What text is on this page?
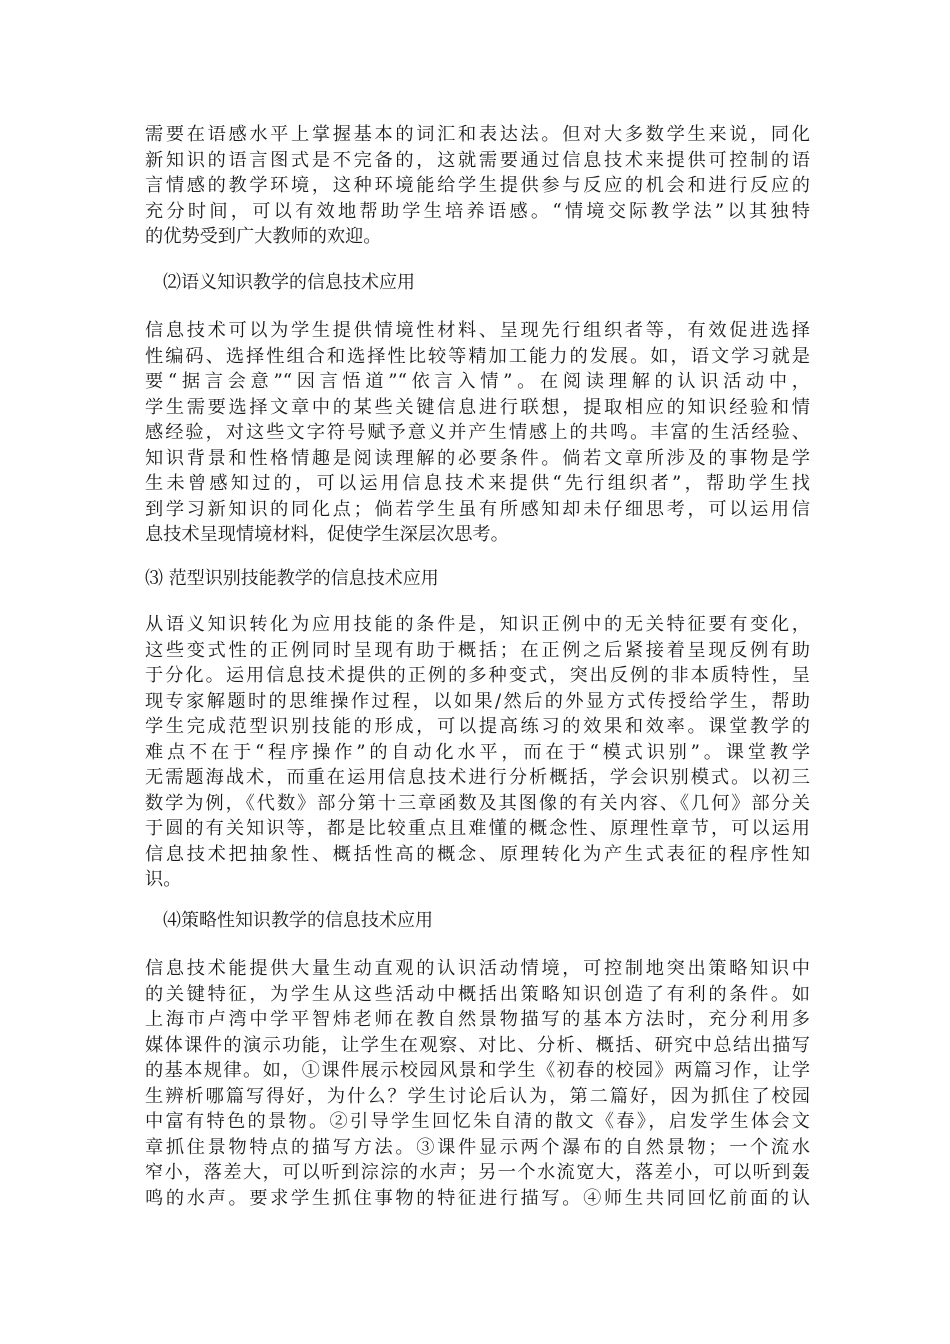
需要在语感水平上掌握基本的词汇和表达法。但对大多数学生来说，同化
新知识的语言图式是不完备的，这就需要通过信息技术来提供可控制的语
言情感的教学环境，这种环境能给学生提供参与反应的机会和进行反应的
充分时间，可以有效地帮助学生培养语感。“情境交际教学法”以其独特
的优势受到广大教师的欢迎。
⑵语义知识教学的信息技术应用
信息技术可以为学生提供情境性材料、呈现先行组织者等，有效促进选择
性编码、选择性组合和选择性比较等精加工能力的发展。如，语文学习就是
要“据言会意”“因言悟道”“依言入情”。在阅读理解的认识活动中，
学生需要选择文章中的某些关键信息进行联想，提取相应的知识经验和情
感经验，对这些文字符号赋予意义并产生情感上的共鸣。丰富的生活经验、
知识背景和性格情趣是阅读理解的必要条件。倘若文章所涉及的事物是学
生未曾感知过的，可以运用信息技术来提供“先行组织者”，帮助学生找
到学习新知识的同化点；倘若学生虽有所感知却未仔细思考，可以运用信
息技术呈现情境材料，促使学生深层次思考。
⑶ 范型识别技能教学的信息技术应用
从语义知识转化为应用技能的条件是，知识正例中的无关特征要有变化，
这些变式性的正例同时呈现有助于概括；在正例之后紧接着呈现反例有助
于分化。运用信息技术提供的正例的多种变式，突出反例的非本质特性，呈
现专家解题时的思维操作过程，以如果/然后的外显方式传授给学生，帮助
学生完成范型识别技能的形成，可以提高练习的效果和效率。课堂教学的
难点不在于“程序操作”的自动化水平，而在于“模式识别”。课堂教学
无需题海战术，而重在运用信息技术进行分析概括，学会识别模式。以初三
数学为例，《代数》部分第十三章函数及其图像的有关内容、《几何》部分关
于圆的有关知识等，都是比较重点且难懂的概念性、原理性章节，可以运用
信息技术把抽象性、概括性高的概念、原理转化为产生式表征的程序性知
识。
⑷策略性知识教学的信息技术应用
信息技术能提供大量生动直观的认识活动情境，可控制地突出策略知识中
的关键特征，为学生从这些活动中概括出策略知识创造了有利的条件。如
上海市卢湾中学平智炜老师在教自然景物描写的基本方法时，充分利用多
媒体课件的演示功能，让学生在观察、对比、分析、概括、研究中总结出描写
的基本规律。如，①课件展示校园风景和学生《初春的校园》两篇习作，让学
生辨析哪篇写得好，为什么？学生讨论后认为，第二篇好，因为抓住了校园
中富有特色的景物。②引导学生回忆朱自清的散文《春》，启发学生体会文
章抓住景物特点的描写方法。③课件显示两个瀑布的自然景物；一个流水
窄小，落差大，可以听到淙淙的水声；另一个水流宽大，落差小，可以听到轰
鸣的水声。要求学生抓住事物的特征进行描写。④师生共同回忆前面的认
